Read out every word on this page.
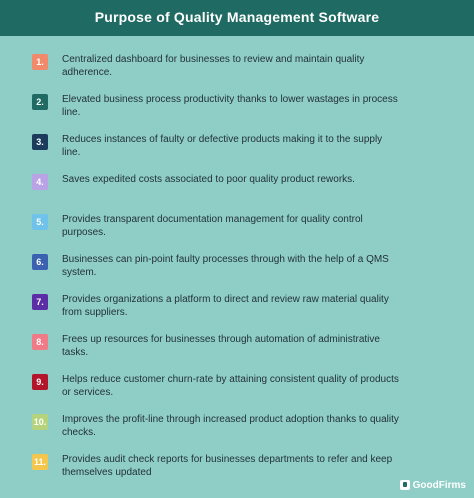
Purpose of Quality Management Software
1.	Centralized dashboard for businesses to review and maintain quality adherence.
2.	Elevated business process productivity thanks to lower wastages in process line.
3.	Reduces instances of faulty or defective products making it to the supply line.
4.	Saves expedited costs associated to poor quality product reworks.
5.	Provides transparent documentation management for quality control purposes.
6.	Businesses can pin-point faulty processes through with the help of a QMS system.
7.	Provides organizations a platform to direct and review raw material quality from suppliers.
8.	Frees up resources for businesses through automation of administrative tasks.
9.	Helps reduce customer churn-rate by attaining consistent quality of products or services.
10. Improves the profit-line through increased product adoption thanks to quality checks.
11. Provides audit check reports for businesses departments to refer and keep themselves updated
GoodFirms
